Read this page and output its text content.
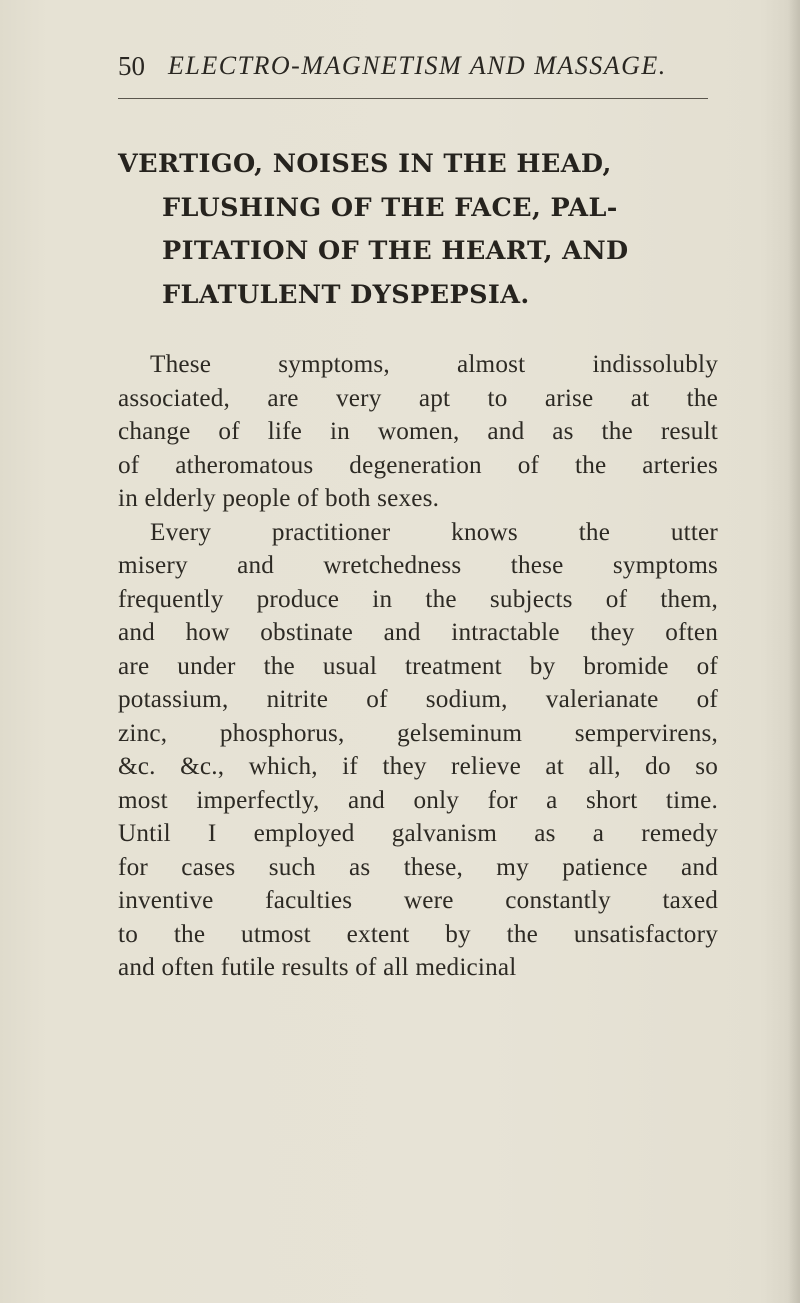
50 ELECTRO-MAGNETISM AND MASSAGE.
VERTIGO, NOISES IN THE HEAD,
FLUSHING OF THE FACE, PAL-
PITATION OF THE HEART, AND
FLATULENT DYSPEPSIA.
These symptoms, almost indissolubly
associated, are very apt to arise at the
change of life in women, and as the result
of atheromatous degeneration of the arteries
in elderly people of both sexes.
Every practitioner knows the utter
misery and wretchedness these symptoms
frequently produce in the subjects of them,
and how obstinate and intractable they often
are under the usual treatment by bromide of
potassium, nitrite of sodium, valerianate of
zinc, phosphorus, gelseminum sempervirens,
&c. &c., which, if they relieve at all, do so
most imperfectly, and only for a short time.
Until I employed galvanism as a remedy
for cases such as these, my patience and
inventive faculties were constantly taxed
to the utmost extent by the unsatisfactory
and often futile results of all medicinal
